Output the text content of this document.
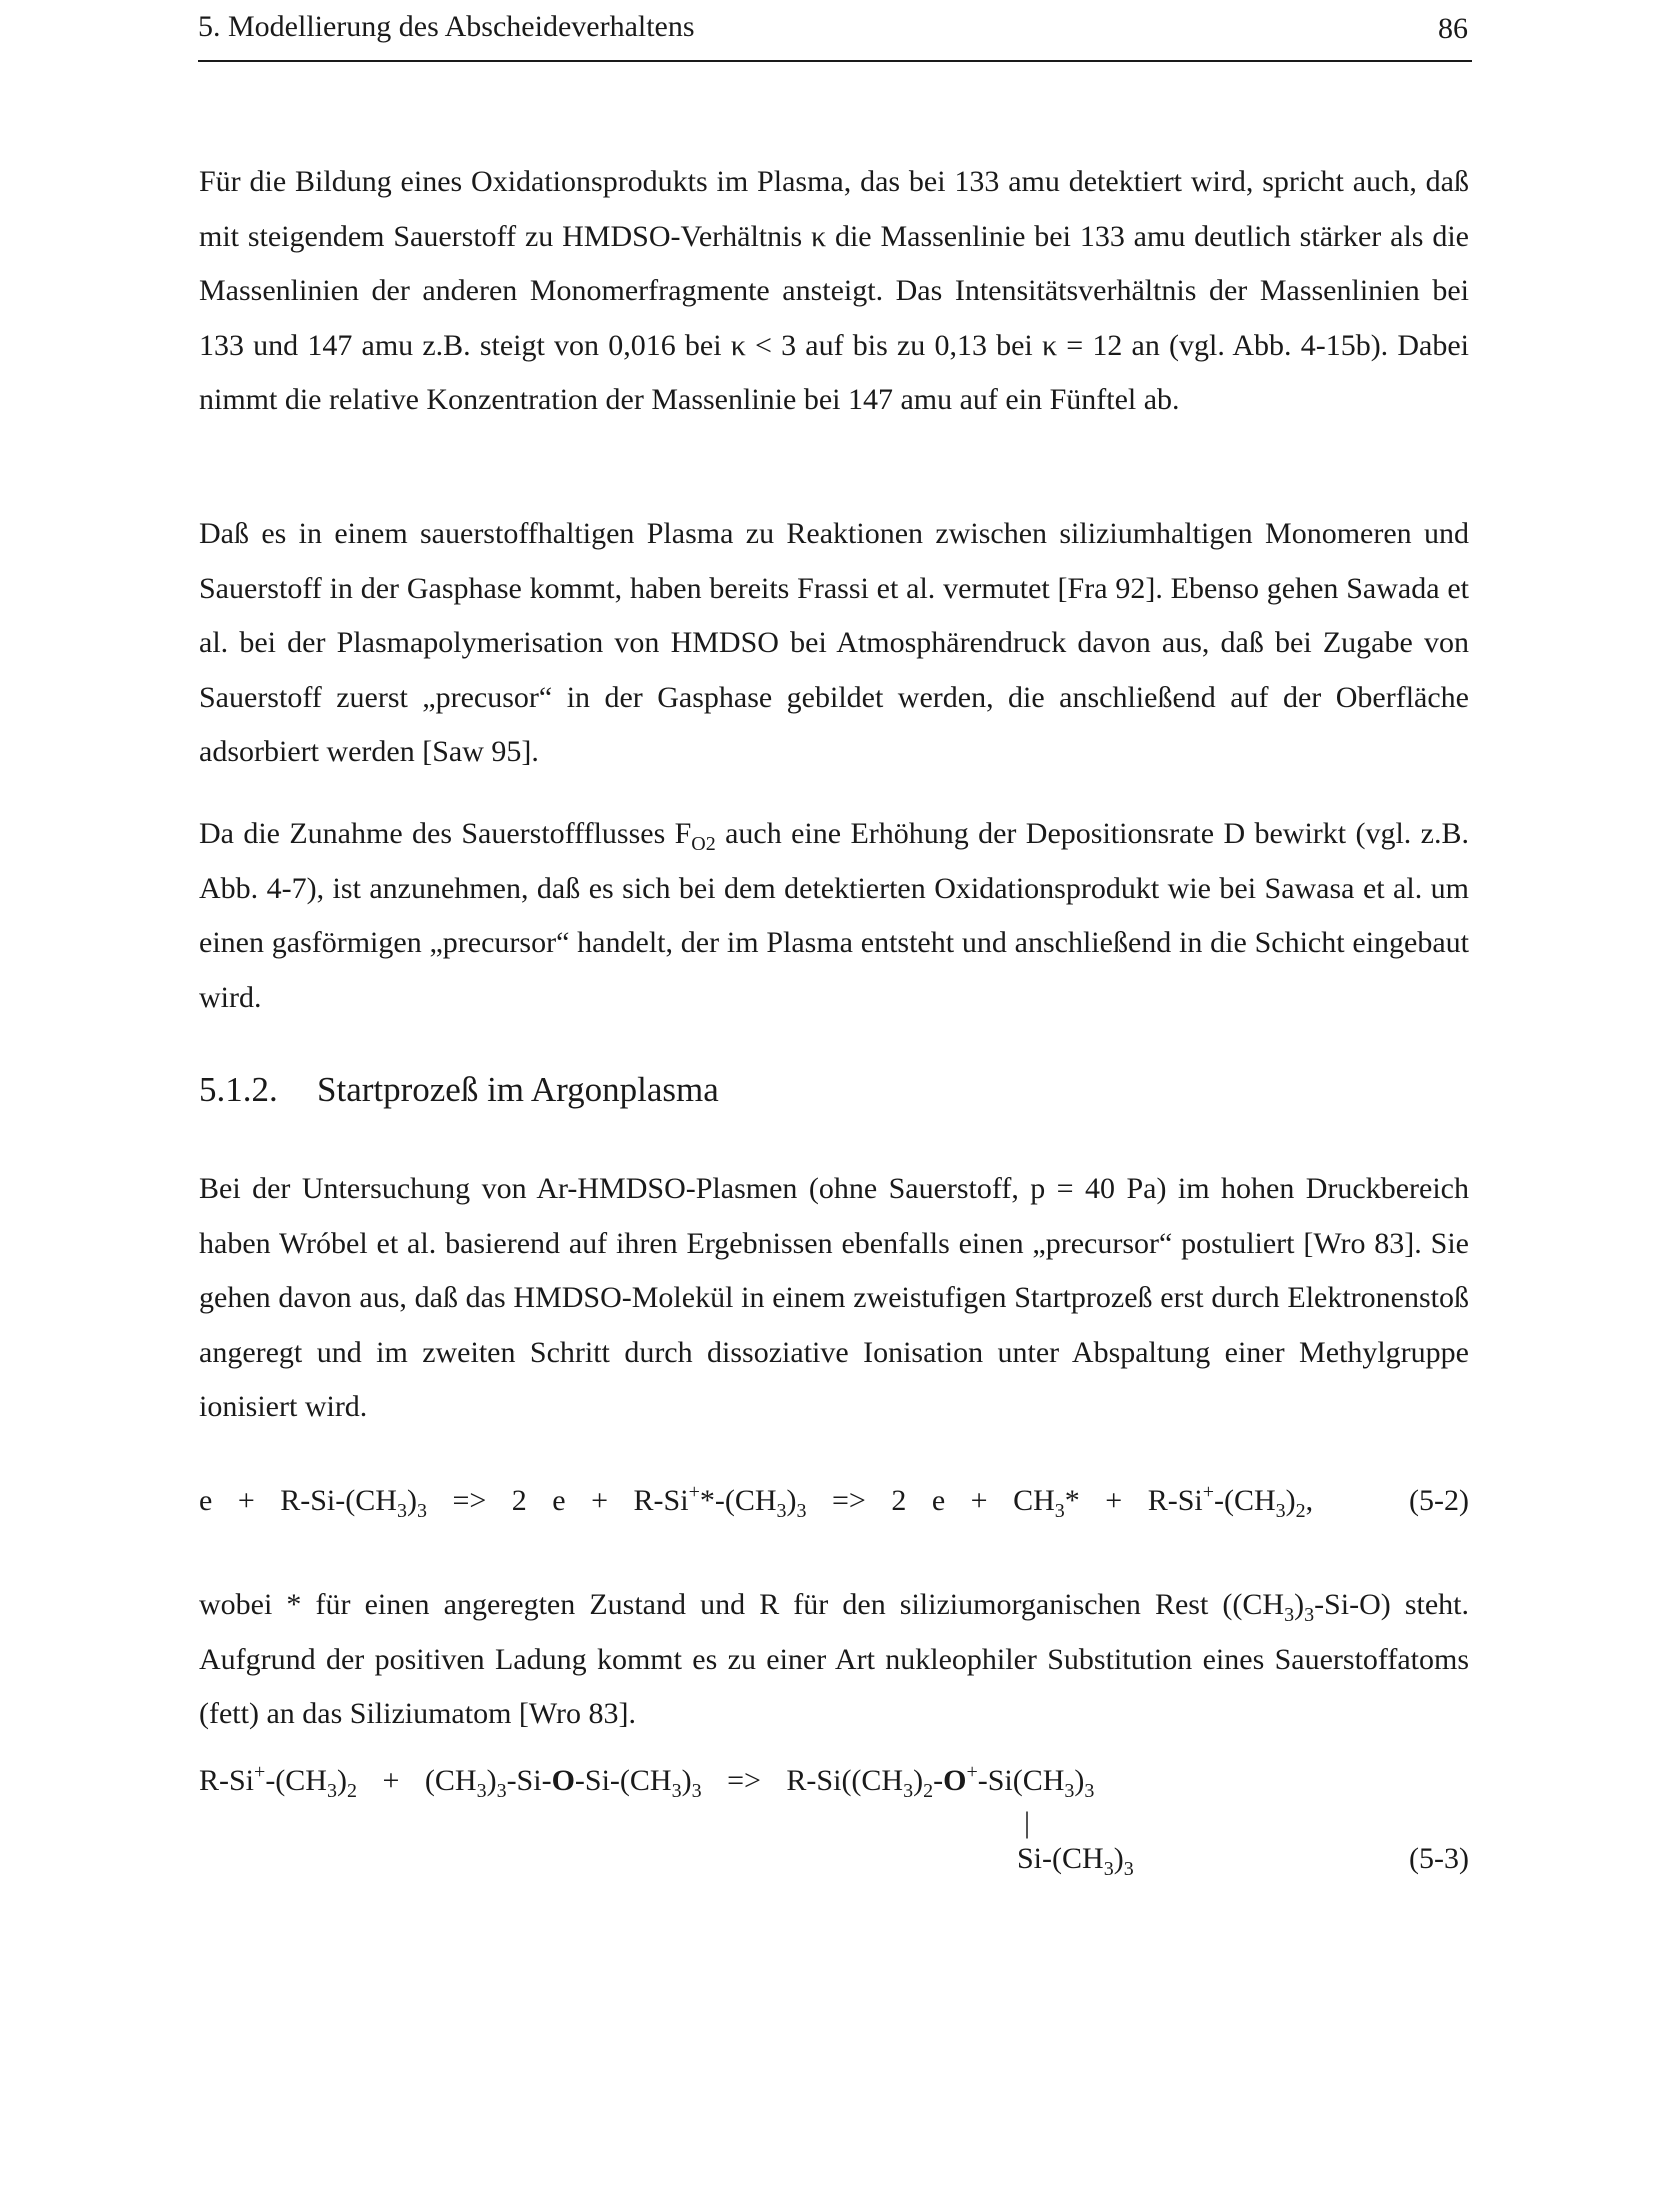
5. Modellierung des Abscheideverhaltens	86
Für die Bildung eines Oxidationsprodukts im Plasma, das bei 133 amu detektiert wird, spricht auch, daß mit steigendem Sauerstoff zu HMDSO-Verhältnis κ die Massenlinie bei 133 amu deutlich stärker als die Massenlinien der anderen Monomerfragmente ansteigt. Das Intensitätsverhältnis der Massenlinien bei 133 und 147 amu z.B. steigt von 0,016 bei κ < 3 auf bis zu 0,13 bei κ = 12 an (vgl. Abb. 4-15b). Dabei nimmt die relative Konzentration der Massenlinie bei 147 amu auf ein Fünftel ab.
Daß es in einem sauerstoffhaltigen Plasma zu Reaktionen zwischen siliziumhaltigen Monomeren und Sauerstoff in der Gasphase kommt, haben bereits Frassi et al. vermutet [Fra 92]. Ebenso gehen Sawada et al. bei der Plasmapolymerisation von HMDSO bei Atmosphärendruck davon aus, daß bei Zugabe von Sauerstoff zuerst „precusor“ in der Gasphase gebildet werden, die anschließend auf der Oberfläche adsorbiert werden [Saw 95].
Da die Zunahme des Sauerstoffflusses $F_{O2}$ auch eine Erhöhung der Depositionsrate D bewirkt (vgl. z.B. Abb. 4-7), ist anzunehmen, daß es sich bei dem detektierten Oxidationsprodukt wie bei Sawasa et al. um einen gasförmigen „precursor“ handelt, der im Plasma entsteht und anschließend in die Schicht eingebaut wird.
5.1.2. Startprozeß im Argonplasma
Bei der Untersuchung von Ar-HMDSO-Plasmen (ohne Sauerstoff, p = 40 Pa) im hohen Druckbereich haben Wróbel et al. basierend auf ihren Ergebnissen ebenfalls einen „precursor“ postuliert [Wro 83]. Sie gehen davon aus, daß das HMDSO-Molekül in einem zweistufigen Startprozeß erst durch Elektronenstoß angeregt und im zweiten Schritt durch dissoziative Ionisation unter Abspaltung einer Methylgruppe ionisiert wird.
$e + R-Si-(CH_3)_3 => 2$ $e + R-Si^+*-(CH_3)_3 => 2$ $e + CH_3* + R-Si^+-(CH_3)_2$,	(5-2)
wobei * für einen angeregten Zustand und R für den siliziumorganischen Rest $((CH_3)_3-Si-O)$ steht. Aufgrund der positiven Ladung kommt es zu einer Art nukleophiler Substitution eines Sauerstoffatoms (fett) an das Siliziumatom [Wro 83].
$R-Si^+-(CH_3)_2 + (CH_3)_3-Si-O-Si-(CH_3)_3 => R-Si((CH_3)_2-O^+-Si(CH_3)_3$
|
$Si-(CH_3)_3$	(5-3)
